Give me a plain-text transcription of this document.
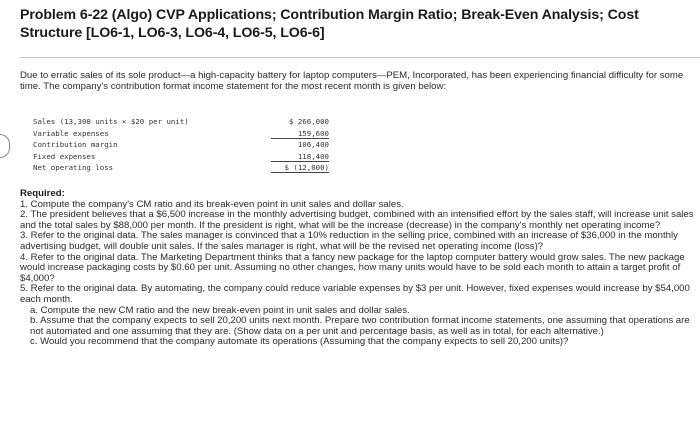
Problem 6-22 (Algo) CVP Applications; Contribution Margin Ratio; Break-Even Analysis; Cost Structure [LO6-1, LO6-3, LO6-4, LO6-5, LO6-6]
Due to erratic sales of its sole product—a high-capacity battery for laptop computers—PEM, Incorporated, has been experiencing financial difficulty for some time. The company's contribution format income statement for the most recent month is given below:
Sales (13,300 units × $20 per unit)	$ 266,000
Variable expenses	159,600
Contribution margin	106,400
Fixed expenses	118,400
Net operating loss	$ (12,000)

Required:

1. Compute the company's CM ratio and its break-even point in unit sales and dollar sales.

2. The president believes that a $6,500 increase in the monthly advertising budget, combined with an intensified effort by the sales staff, will increase unit sales and the total sales by $88,000 per month. If the president is right, what will be the increase (decrease) in the company's monthly net operating income?

3. Refer to the original data. The sales manager is convinced that a 10% reduction in the selling price, combined with an increase of $36,000 in the monthly advertising budget, will double unit sales. If the sales manager is right, what will be the revised net operating income (loss)?

4. Refer to the original data. The Marketing Department thinks that a fancy new package for the laptop computer battery would grow sales. The new package would increase packaging costs by $0.60 per unit. Assuming no other changes, how many units would have to be sold each month to attain a target profit of $4,000?

5. Refer to the original data. By automating, the company could reduce variable expenses by $3 per unit. However, fixed expenses would increase by $54,000 each month.

a. Compute the new CM ratio and the new break-even point in unit sales and dollar sales.

b. Assume that the company expects to sell 20,200 units next month. Prepare two contribution format income statements, one assuming that operations are not automated and one assuming that they are. (Show data on a per unit and percentage basis, as well as in total, for each alternative.)

c. Would you recommend that the company automate its operations (Assuming that the company expects to sell 20,200 units)?
